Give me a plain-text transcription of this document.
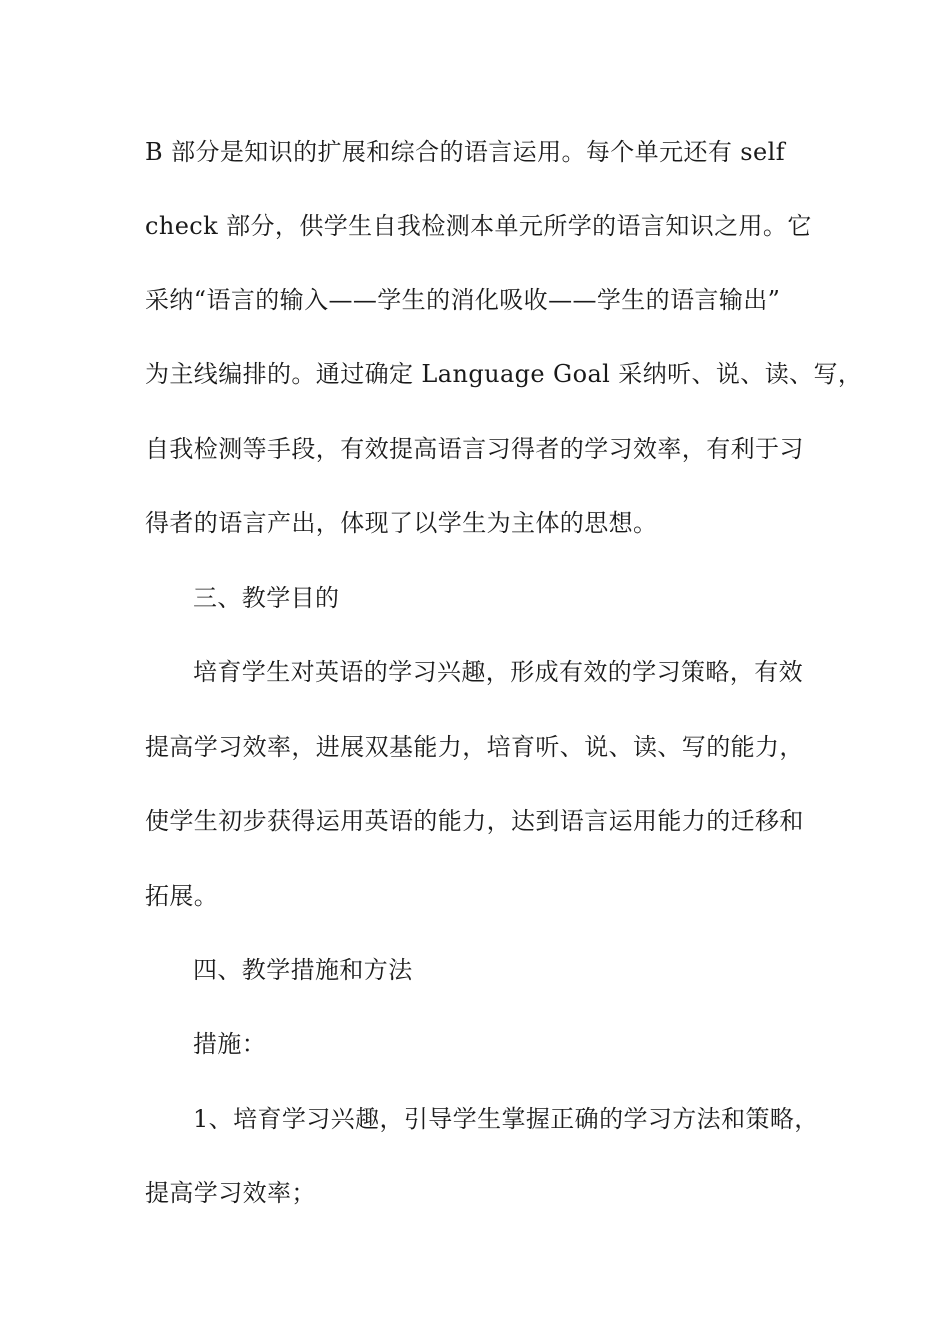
B 部分是知识的扩展和综合的语言运用。每个单元还有 self
check 部分，供学生自我检测本单元所学的语言知识之用。它
采纳“语言的输入——学生的消化吸收——学生的语言输出”
为主线编排的。通过确定 Language Goal 采纳听、说、读、写，
自我检测等手段，有效提高语言习得者的学习效率，有利于习
得者的语言产出，体现了以学生为主体的思想。
三、教学目的
培育学生对英语的学习兴趣，形成有效的学习策略，有效
提高学习效率，进展双基能力，培育听、说、读、写的能力，
使学生初步获得运用英语的能力，达到语言运用能力的迁移和
拓展。
四、教学措施和方法
措施：
1、培育学习兴趣，引导学生掌握正确的学习方法和策略，
提高学习效率；
